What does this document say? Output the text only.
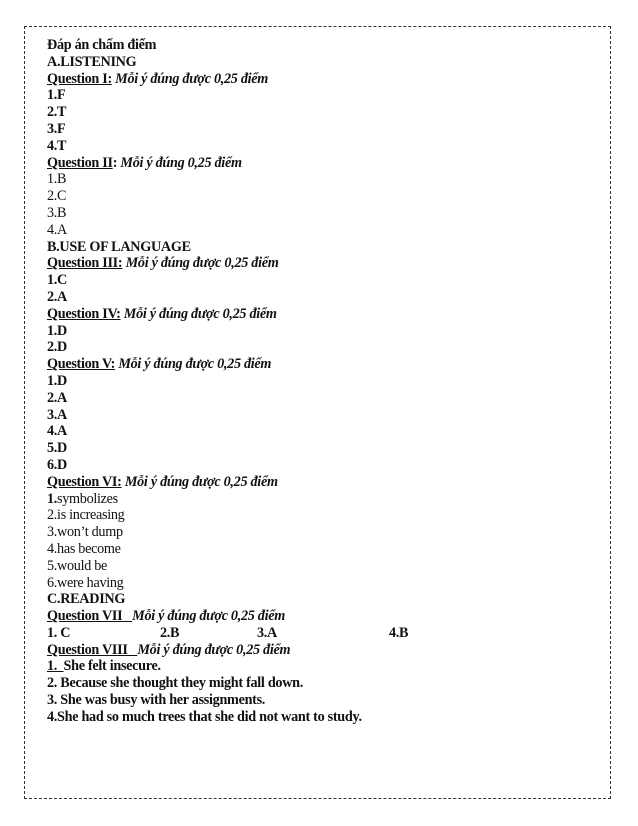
Đáp án chấm điểm
A.LISTENING
Question I: Mỗi ý đúng được 0,25 điểm
1.F
2.T
3.F
4.T
Question II: Mỗi ý đúng 0,25 điểm
1.B
2.C
3.B
4.A
B.USE OF LANGUAGE
Question III: Mỗi ý đúng được 0,25 điểm
1.C
2.A
Question IV: Mỗi ý đúng được 0,25 điểm
1.D
2.D
Question V: Mỗi ý đúng được 0,25 điểm
1.D
2.A
3.A
4.A
5.D
6.D
Question VI: Mỗi ý đúng được 0,25 điểm
1.symbolizes
2.is increasing
3.won’t dump
4.has become
5.would be
6.were having
C.READING
Question VII   Mỗi ý đúng được 0,25 điểm
1. C	2.B	3.A	4.B
Question VIII   Mỗi ý đúng được 0,25 điểm
1.  She felt insecure.
2. Because she thought they might fall down.
3. She was busy with her assignments.
4.She had so much trees that she did not want to study.
